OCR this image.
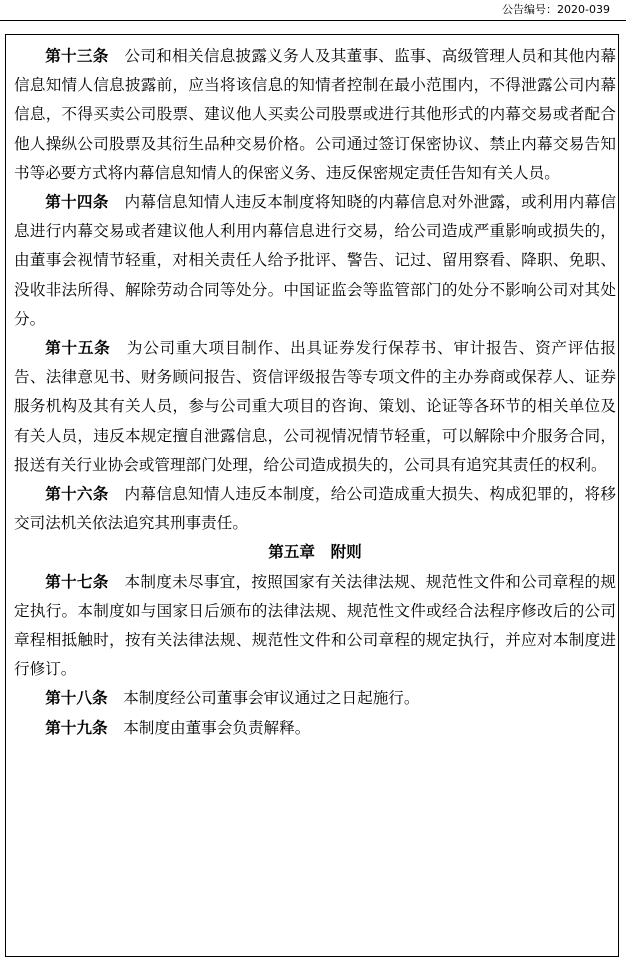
公告编号：2020-039

第十三条　 公司和相关信息披露义务人及其董事、监事、高级管理人员和其他内幕信息知情人信息披露前，应当将该信息的知情者控制在最小范围内，不得泄露公司内幕信息，不得买卖公司股票、建议他人买卖公司股票或进行其他形式的内幕交易或者配合他人操纵公司股票及其衍生品种交易价格。公司通过签订保密协议、禁止内幕交易告知书等必要方式将内幕信息知情人的保密义务、违反保密规定责任告知有关人员。

第十四条　 内幕信息知情人违反本制度将知晓的内幕信息对外泄露，或利用内幕信息进行内幕交易或者建议他人利用内幕信息进行交易，给公司造成严重影响或损失的，由董事会视情节轻重，对相关责任人给予批评、警告、记过、留用察看、降职、免职、没收非法所得、解除劳动合同等处分。中国证监会等监管部门的处分不影响公司对其处分。

第十五条　 为公司重大项目制作、出具证券发行保荐书、审计报告、资产评估报告、法律意见书、财务顾问报告、资信评级报告等专项文件的主办券商或保荐人、证券服务机构及其有关人员，参与公司重大项目的咨询、策划、论证等各环节的相关单位及有关人员，违反本规定擅自泄露信息，公司视情况情节轻重，可以解除中介服务合同，报送有关行业协会或管理部门处理，给公司造成损失的，公司具有追究其责任的权利。

第十六条　 内幕信息知情人违反本制度，给公司造成重大损失、构成犯罪的，将移交司法机关依法追究其刑事责任。

第五章　附则

第十七条　 本制度未尽事宜，按照国家有关法律法规、规范性文件和公司章程的规定执行。本制度如与国家日后颁布的法律法规、规范性文件或经合法程序修改后的公司章程相抵触时，按有关法律法规、规范性文件和公司章程的规定执行，并应对本制度进行修订。

第十八条　 本制度经公司董事会审议通过之日起施行。

第十九条　 本制度由董事会负责解释。
